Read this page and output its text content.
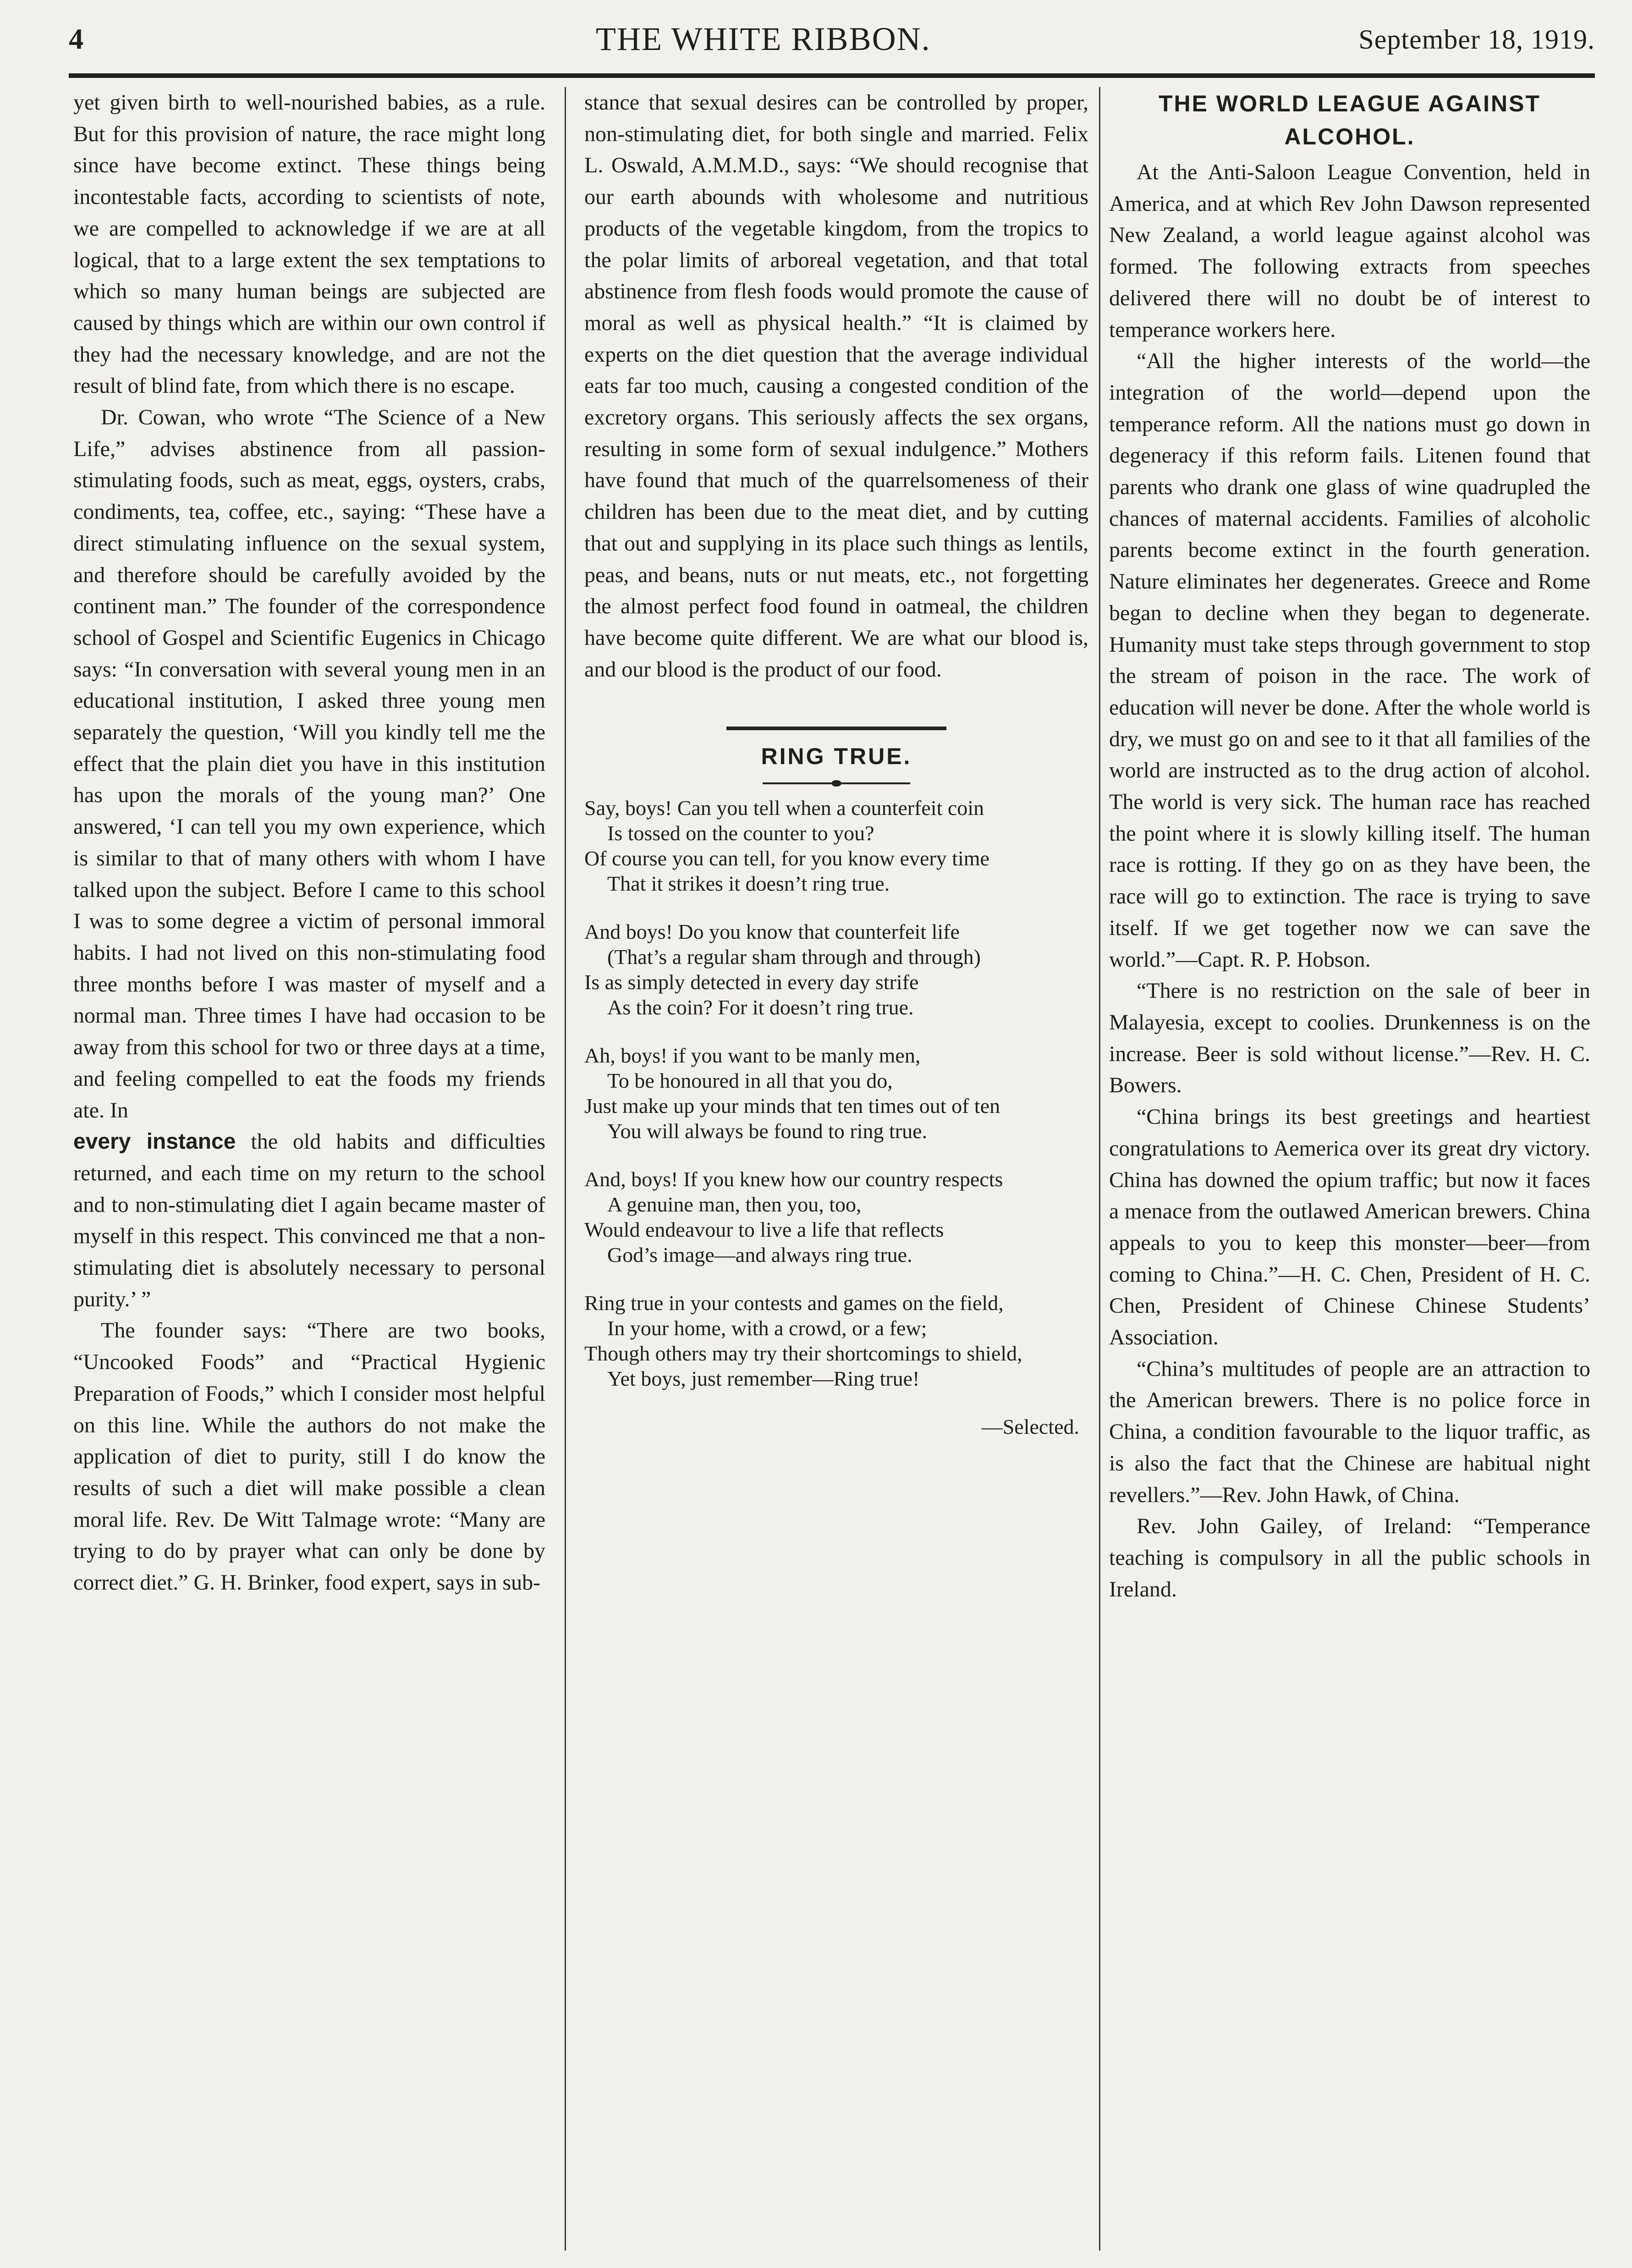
4	THE WHITE RIBBON.	September 18, 1919.

yet given birth to well-nourished babies, as a rule. But for this provision of nature, the race might long since have become extinct. These things being incontestable facts, according to scientists of note, we are compelled to acknowledge if we are at all logical, that to a large extent the sex temptations to which so many human beings are subjected are caused by things which are within our own control if they had the necessary knowledge, and are not the result of blind fate, from which there is no escape.

Dr. Cowan, who wrote “The Science of a New Life,” advises abstinence from all passion-stimulating foods, such as meat, eggs, oysters, crabs, condiments, tea, coffee, etc., saying: “These have a direct stimulating influence on the sexual system, and therefore should be carefully avoided by the continent man.” The founder of the correspondence school of Gospel and Scientific Eugenics in Chicago says: “In conversation with several young men in an educational institution, I asked three young men separately the question, ‘Will you kindly tell me the effect that the plain diet you have in this institution has upon the morals of the young man?’ One answered, ‘I can tell you my own experience, which is similar to that of many others with whom I have talked upon the subject. Before I came to this school I was to some degree a victim of personal immoral habits. I had not lived on this non-stimulating food three months before I was master of myself and a normal man. Three times I have had occasion to be away from this school for two or three days at a time, and feeling compelled to eat the foods my friends ate. In

every instance the old habits and difficulties returned, and each time on my return to the school and to non-stimulating diet I again became master of myself in this respect. This convinced me that a non-stimulating diet is absolutely necessary to personal purity.’ ”

The founder says: “There are two books, “Uncooked Foods” and “Practical Hygienic Preparation of Foods,” which I consider most helpful on this line. While the authors do not make the application of diet to purity, still I do know the results of such a diet will make possible a clean moral life. Rev. De Witt Talmage wrote: “Many are trying to do by prayer what can only be done by correct diet.” G. H. Brinker, food expert, says in sub-

stance that sexual desires can be controlled by proper, non-stimulating diet, for both single and married. Felix L. Oswald, A.M.M.D., says: “We should recognise that our earth abounds with wholesome and nutritious products of the vegetable kingdom, from the tropics to the polar limits of arboreal vegetation, and that total abstinence from flesh foods would promote the cause of moral as well as physical health.” “It is claimed by experts on the diet question that the average individual eats far too much, causing a congested condition of the excretory organs. This seriously affects the sex organs, resulting in some form of sexual indulgence.” Mothers have found that much of the quarrelsomeness of their children has been due to the meat diet, and by cutting that out and supplying in its place such things as lentils, peas, and beans, nuts or nut meats, etc., not forgetting the almost perfect food found in oatmeal, the children have become quite different. We are what our blood is, and our blood is the product of our food.

RING TRUE.
Say, boys! Can you tell when a counterfeit coin
Is tossed on the counter to you?
Of course you can tell, for you know every time
That it strikes it doesn’t ring true.
And boys! Do you know that counterfeit life
(That’s a regular sham through and through)
Is as simply detected in every day strife
As the coin? For it doesn’t ring true.
Ah, boys! if you want to be manly men,
To be honoured in all that you do,
Just make up your minds that ten times out of ten
You will always be found to ring true.
And, boys! If you knew how our country respects
A genuine man, then you, too,
Would endeavour to live a life that reflects
God’s image—and always ring true.
Ring true in your contests and games on the field,
In your home, with a crowd, or a few;
Though others may try their shortcomings to shield,
Yet boys, just remember—Ring true!
—Selected.
THE WORLD LEAGUE AGAINST ALCOHOL.

At the Anti-Saloon League Convention, held in America, and at which Rev John Dawson represented New Zealand, a world league against alcohol was formed. The following extracts from speeches delivered there will no doubt be of interest to temperance workers here.

“All the higher interests of the world—the integration of the world—depend upon the temperance reform. All the nations must go down in degeneracy if this reform fails. Litenen found that parents who drank one glass of wine quadrupled the chances of maternal accidents. Families of alcoholic parents become extinct in the fourth generation. Nature eliminates her degenerates. Greece and Rome began to decline when they began to degenerate. Humanity must take steps through government to stop the stream of poison in the race. The work of education will never be done. After the whole world is dry, we must go on and see to it that all families of the world are instructed as to the drug action of alcohol. The world is very sick. The human race has reached the point where it is slowly killing itself. The human race is rotting. If they go on as they have been, the race will go to extinction. The race is trying to save itself. If we get together now we can save the world.”—Capt. R. P. Hobson.

“There is no restriction on the sale of beer in Malayesia, except to coolies. Drunkenness is on the increase. Beer is sold without license.”—Rev. H. C. Bowers.

“China brings its best greetings and heartiest congratulations to Aemerica over its great dry victory. China has downed the opium traffic; but now it faces a menace from the outlawed American brewers. China appeals to you to keep this monster—beer—from coming to China.”—H. C. Chen, President of H. C. Chen, President of Chinese Chinese Students’ Association.

“China’s multitudes of people are an attraction to the American brewers. There is no police force in China, a condition favourable to the liquor traffic, as is also the fact that the Chinese are habitual night revellers.”—Rev. John Hawk, of China.

Rev. John Gailey, of Ireland: “Temperance teaching is compulsory in all the public schools in Ireland.
